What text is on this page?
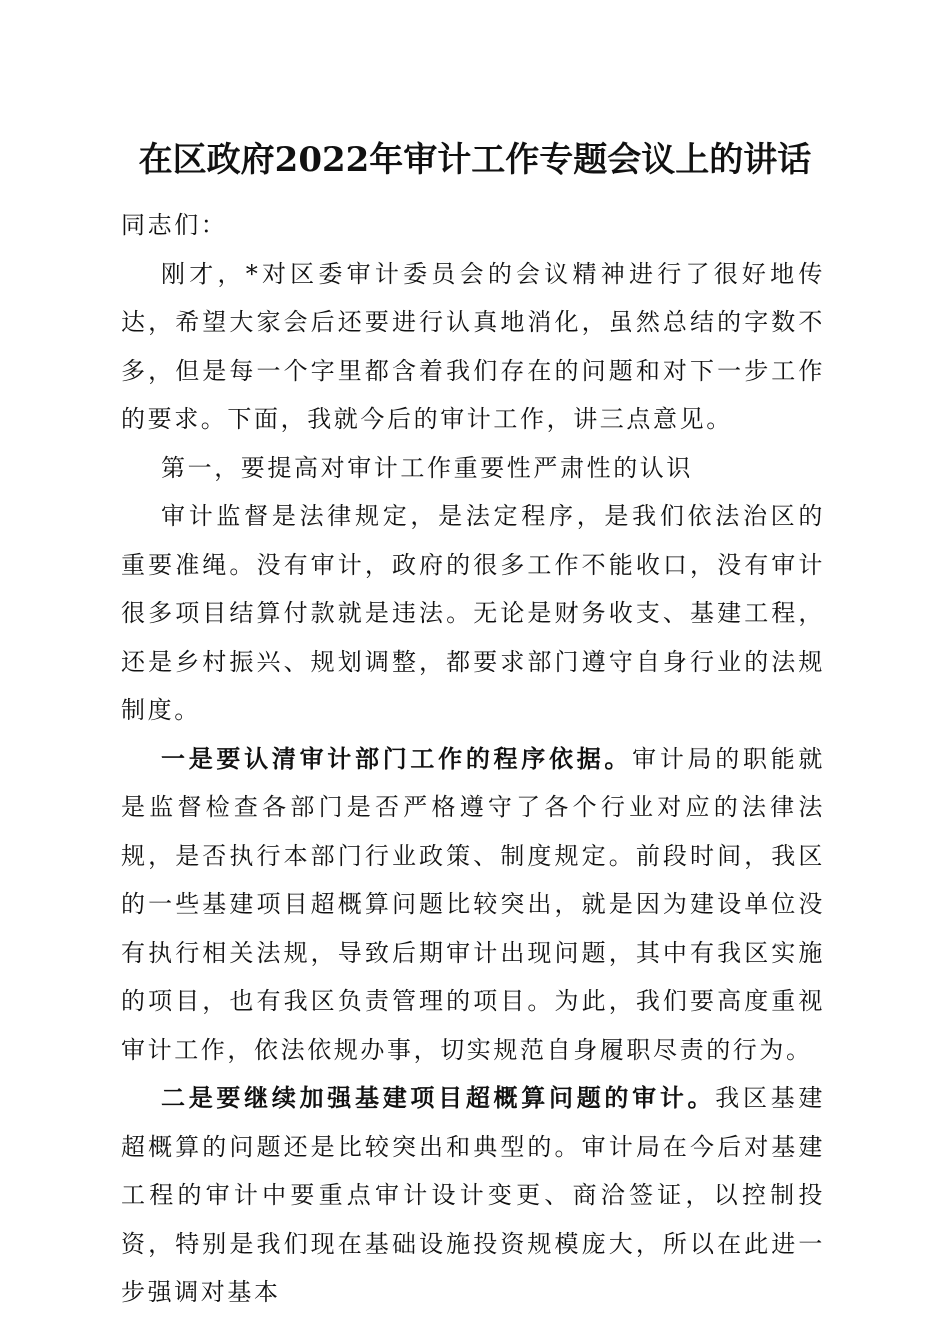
在区政府2022年审计工作专题会议上的讲话

同志们：

刚才，*对区委审计委员会的会议精神进行了很好地传达，希望大家会后还要进行认真地消化，虽然总结的字数不多，但是每一个字里都含着我们存在的问题和对下一步工作的要求。下面，我就今后的审计工作，讲三点意见。

第一，要提高对审计工作重要性严肃性的认识

审计监督是法律规定，是法定程序，是我们依法治区的重要准绳。没有审计，政府的很多工作不能收口，没有审计很多项目结算付款就是违法。无论是财务收支、基建工程，还是乡村振兴、规划调整，都要求部门遵守自身行业的法规制度。

一是要认清审计部门工作的程序依据。审计局的职能就是监督检查各部门是否严格遵守了各个行业对应的法律法规，是否执行本部门行业政策、制度规定。前段时间，我区的一些基建项目超概算问题比较突出，就是因为建设单位没有执行相关法规，导致后期审计出现问题，其中有我区实施的项目，也有我区负责管理的项目。为此，我们要高度重视审计工作，依法依规办事，切实规范自身履职尽责的行为。

二是要继续加强基建项目超概算问题的审计。我区基建超概算的问题还是比较突出和典型的。审计局在今后对基建工程的审计中要重点审计设计变更、商洽签证，以控制投资，特别是我们现在基础设施投资规模庞大，所以在此进一步强调对基本
